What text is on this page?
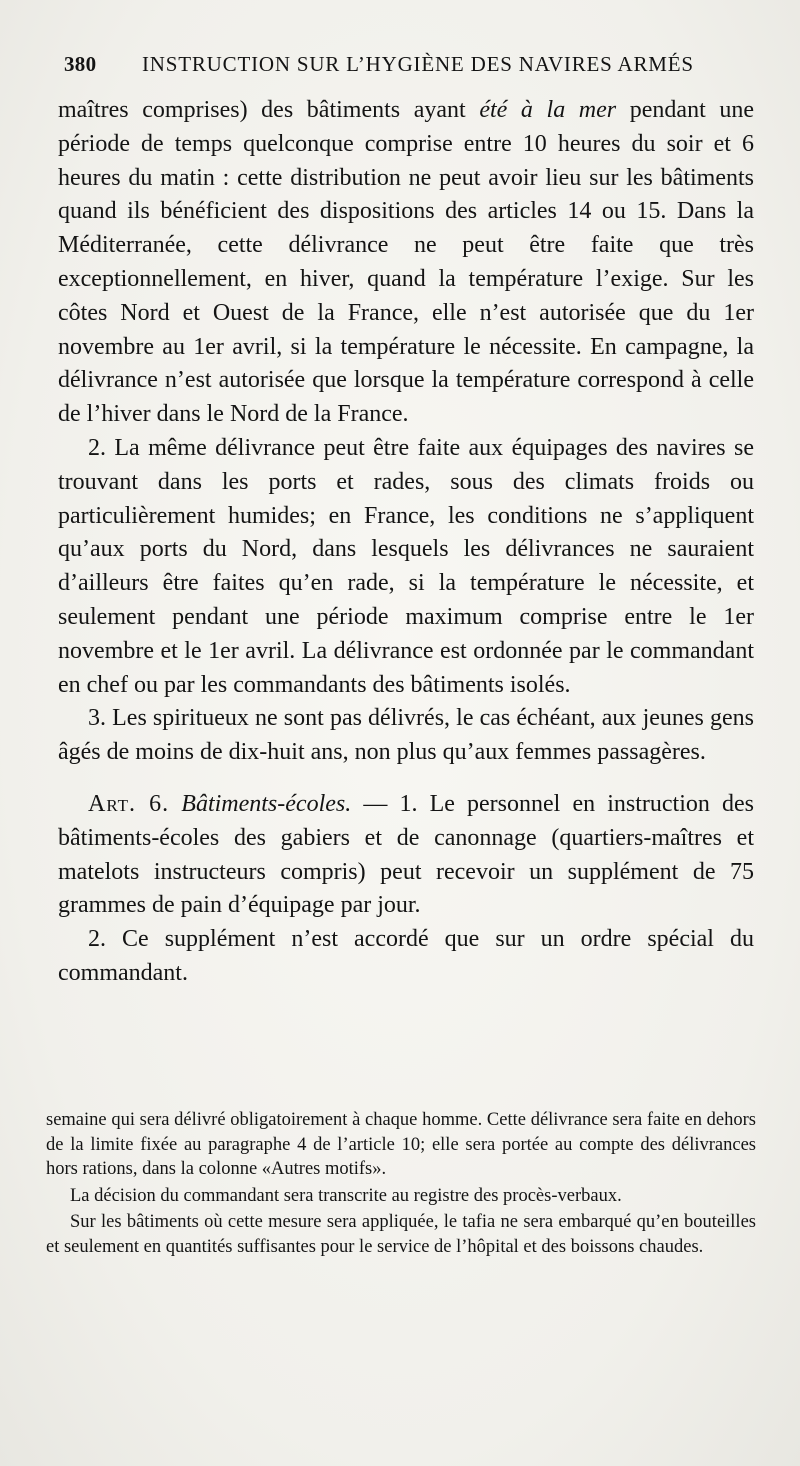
380 INSTRUCTION SUR L’HYGIÈNE DES NAVIRES ARMÉS

maîtres comprises) des bâtiments ayant été à la mer pendant une période de temps quelconque comprise entre 10 heures du soir et 6 heures du matin : cette distribution ne peut avoir lieu sur les bâtiments quand ils bénéficient des dispositions des articles 14 ou 15. Dans la Méditerranée, cette délivrance ne peut être faite que très exceptionnellement, en hiver, quand la température l’exige. Sur les côtes Nord et Ouest de la France, elle n’est autorisée que du 1er novembre au 1er avril, si la température le nécessite. En campagne, la délivrance n’est autorisée que lorsque la température correspond à celle de l’hiver dans le Nord de la France.

2. La même délivrance peut être faite aux équipages des navires se trouvant dans les ports et rades, sous des climats froids ou particulièrement humides; en France, les conditions ne s’appliquent qu’aux ports du Nord, dans lesquels les délivrances ne sauraient d’ailleurs être faites qu’en rade, si la température le nécessite, et seulement pendant une période maximum comprise entre le 1er novembre et le 1er avril. La délivrance est ordonnée par le commandant en chef ou par les commandants des bâtiments isolés.

3. Les spiritueux ne sont pas délivrés, le cas échéant, aux jeunes gens âgés de moins de dix-huit ans, non plus qu’aux femmes passagères.

Art. 6. Bâtiments-écoles. — 1. Le personnel en instruction des bâtiments-écoles des gabiers et de canonnage (quartiers-maîtres et matelots instructeurs compris) peut recevoir un supplément de 75 grammes de pain d’équipage par jour.

2. Ce supplément n’est accordé que sur un ordre spécial du commandant.

semaine qui sera délivré obligatoirement à chaque homme. Cette délivrance sera faite en dehors de la limite fixée au paragraphe 4 de l’article 10; elle sera portée au compte des délivrances hors rations, dans la colonne «Autres motifs».

La décision du commandant sera transcrite au registre des procès-verbaux.

Sur les bâtiments où cette mesure sera appliquée, le tafia ne sera embarqué qu’en bouteilles et seulement en quantités suffisantes pour le service de l’hôpital et des boissons chaudes.
